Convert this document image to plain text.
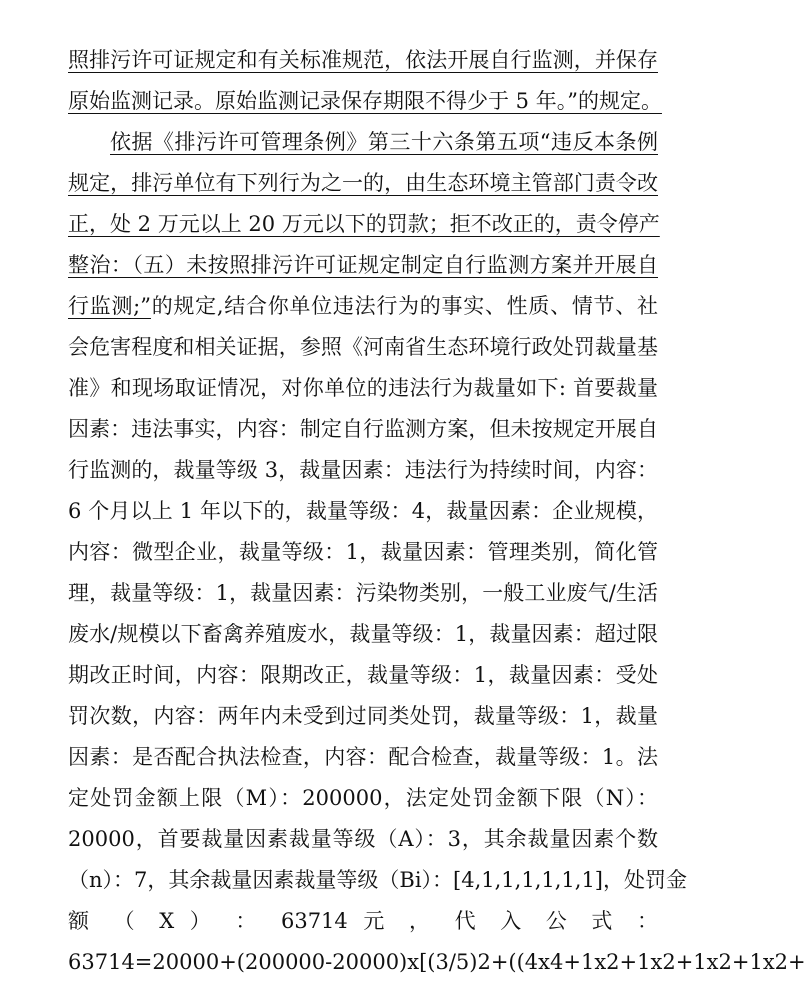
照排污许可证规定和有关标准规范，依法开展自行监测，并保存
原始监测记录。原始监测记录保存期限不得少于 5 年。”的规定。
依据《排污许可管理条例》第三十六条第五项“违反本条例
规定，排污单位有下列行为之一的，由生态环境主管部门责令改
正，处 2 万元以上 20 万元以下的罚款；拒不改正的，责令停产
整治：（五）未按照排污许可证规定制定自行监测方案并开展自
行监测;”的规定,结合你单位违法行为的事实、性质、情节、社
会危害程度和相关证据，参照《河南省生态环境行政处罚裁量基
准》和现场取证情况，对你单位的违法行为裁量如下: 首要裁量
因素：违法事实，内容：制定自行监测方案，但未按规定开展自
行监测的，裁量等级 3，裁量因素：违法行为持续时间，内容：
6 个月以上 1 年以下的，裁量等级：4，裁量因素：企业规模，
内容：微型企业，裁量等级：1，裁量因素：管理类别，简化管
理，裁量等级：1，裁量因素：污染物类别，一般工业废气/生活
废水/规模以下畜禽养殖废水，裁量等级：1，裁量因素：超过限
期改正时间，内容：限期改正，裁量等级：1，裁量因素：受处
罚次数，内容：两年内未受到过同类处罚，裁量等级：1，裁量
因素：是否配合执法检查，内容：配合检查，裁量等级：1。法
定处罚金额上限（M）：200000，法定处罚金额下限（N）：
20000，首要裁量因素裁量等级（A）：3，其余裁量因素个数
（n）：7，其余裁量因素裁量等级（Bi）：[4,1,1,1,1,1,1]，处罚金
额 （ X ） ： 63714 元 ， 代 入 公 式 ：
63714=20000+(200000-20000)x[(3/5)2+((4x4+1x2+1x2+1x2+1x2+
